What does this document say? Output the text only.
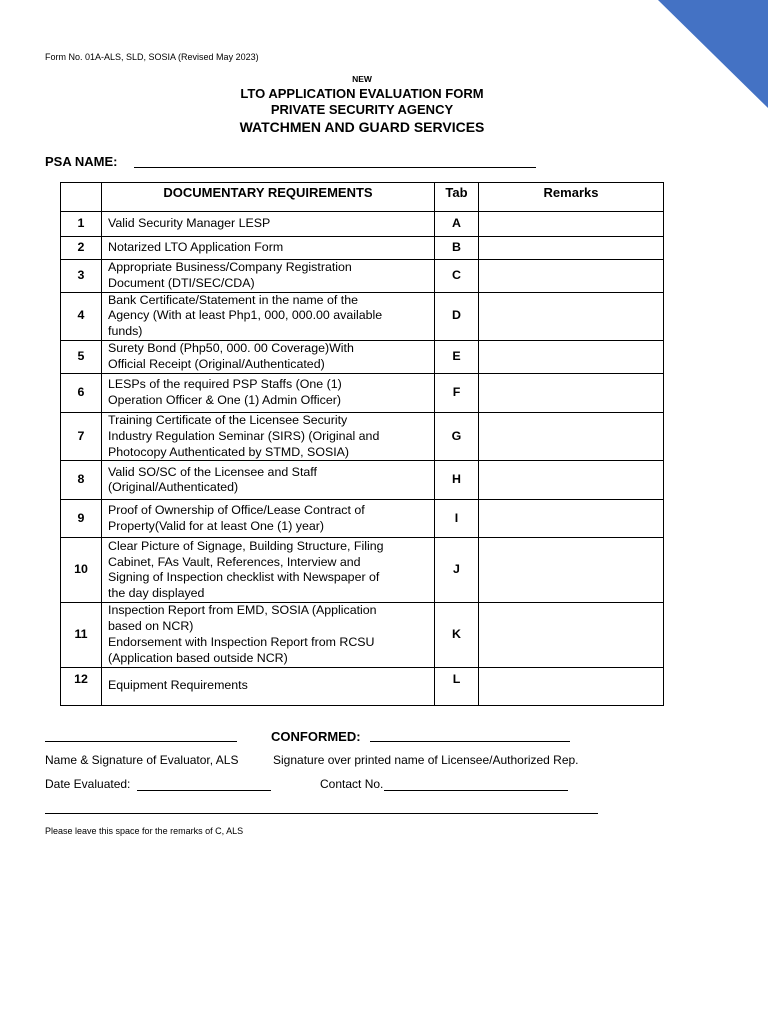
Form No. 01A-ALS, SLD, SOSIA (Revised May 2023)
NEW
LTO APPLICATION EVALUATION FORM
PRIVATE SECURITY AGENCY
WATCHMEN AND GUARD SERVICES
PSA NAME:
	DOCUMENTARY REQUIREMENTS	Tab	Remarks
1	Valid Security Manager LESP	A	
2	Notarized LTO Application Form	B	
3	Appropriate Business/Company Registration
Document (DTI/SEC/CDA)	C	
4	Bank Certificate/Statement in the name of the
Agency (With at least Php1, 000, 000.00 available
funds)	D	
5	Surety Bond (Php50, 000. 00 Coverage)With
Official Receipt (Original/Authenticated)	E	
6	LESPs of the required PSP Staffs (One (1)
Operation Officer & One (1) Admin Officer)	F	
7	Training Certificate of the Licensee Security
Industry Regulation Seminar (SIRS) (Original and
Photocopy Authenticated by STMD, SOSIA)	G	
8	Valid SO/SC of the Licensee and Staff
(Original/Authenticated)	H	
9	Proof of Ownership of Office/Lease Contract of
Property(Valid for at least One (1) year)	I	
10	Clear Picture of Signage, Building Structure, Filing
Cabinet, FAs Vault, References, Interview and
Signing of Inspection checklist with Newspaper of
the day displayed	J	
11	Inspection Report from EMD, SOSIA (Application
based on NCR)
Endorsement with Inspection Report from RCSU
(Application based outside NCR)	K	
12	Equipment Requirements	L	
CONFORMED:
Name & Signature of Evaluator, ALS	Signature over printed name of Licensee/Authorized Rep.
Date Evaluated:	Contact No.
Please leave this space for the remarks of C, ALS
